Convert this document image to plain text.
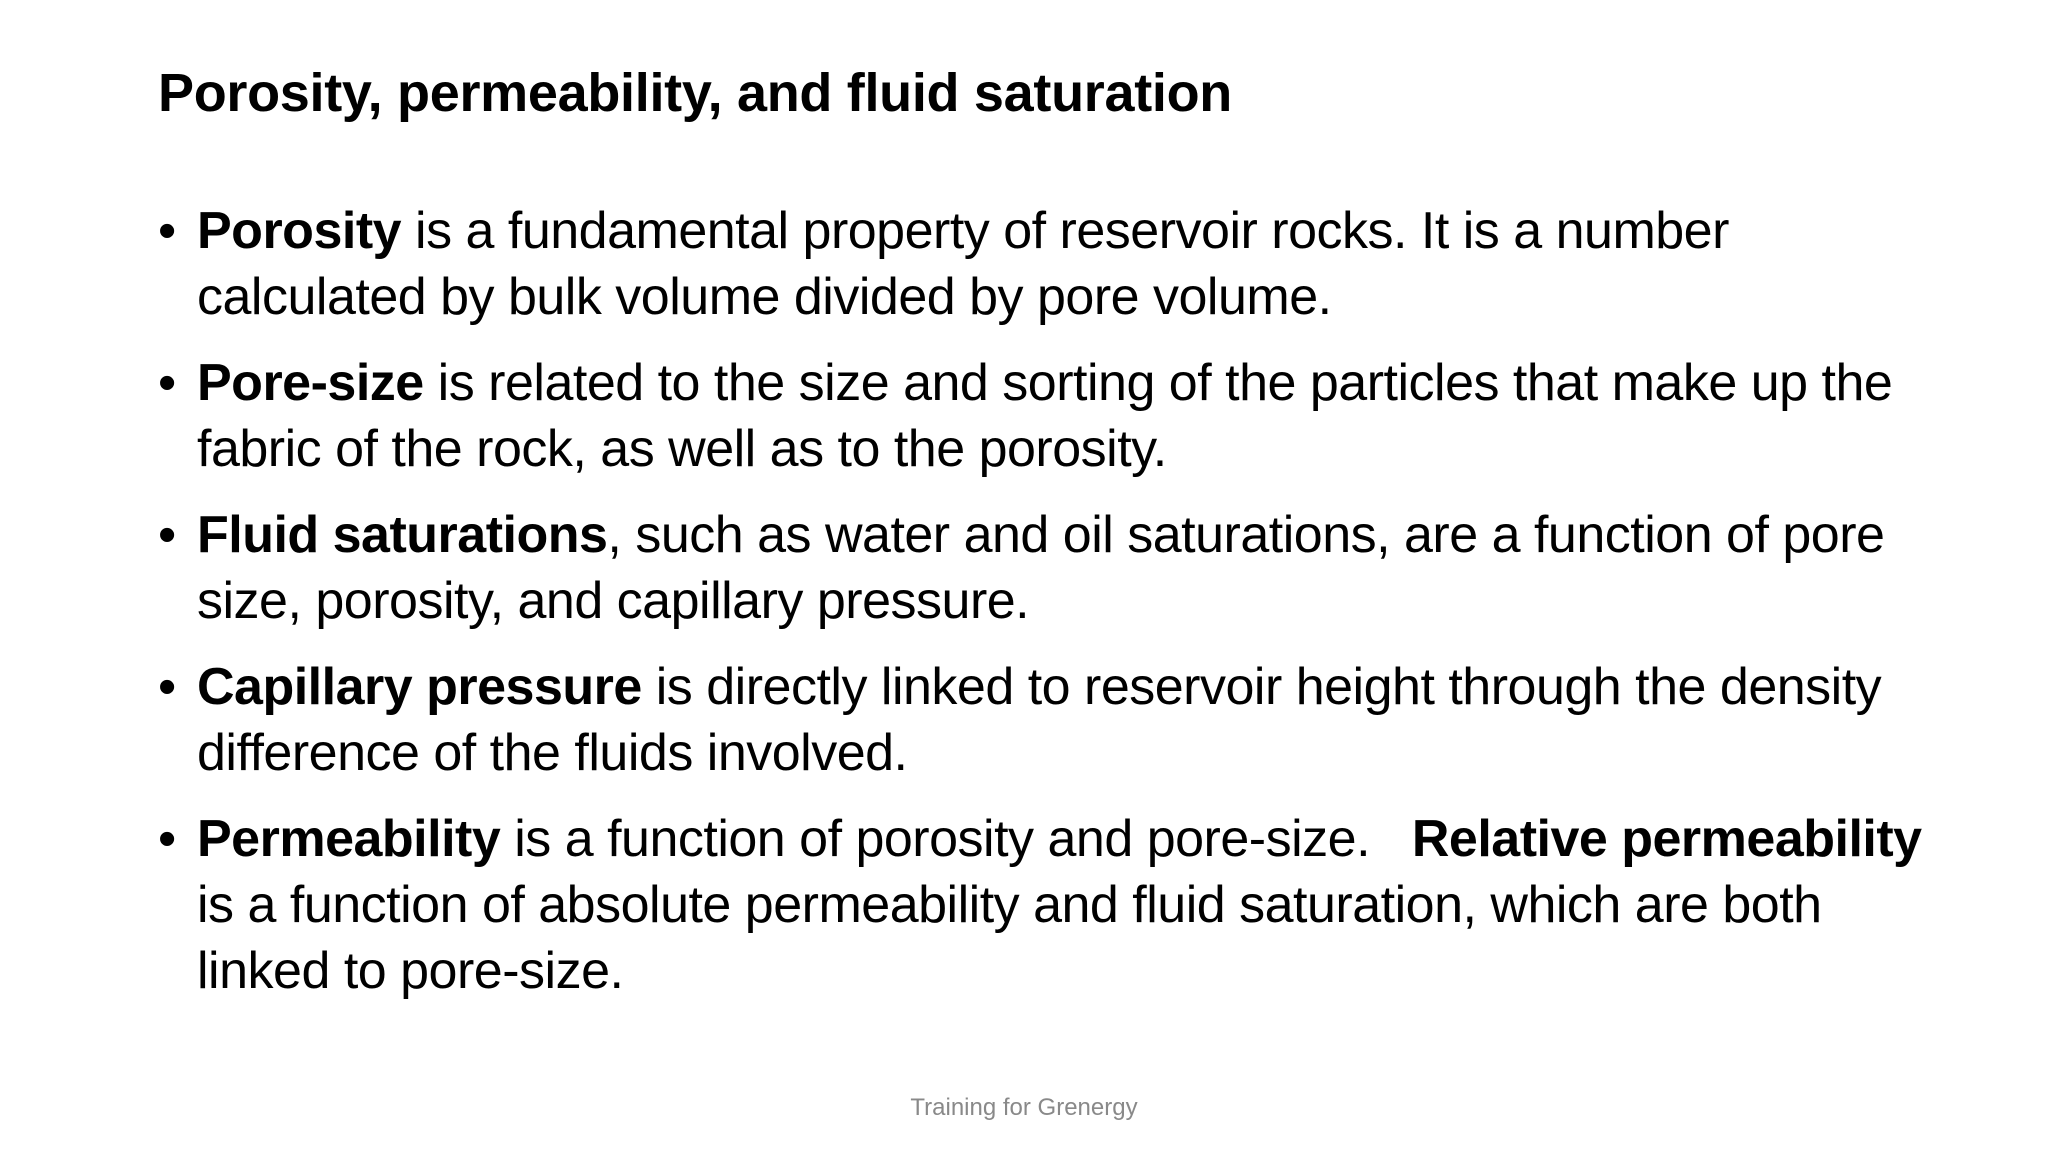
Porosity, permeability, and fluid saturation
• Porosity is a fundamental property of reservoir rocks. It is a number calculated by bulk volume divided by pore volume.
• Pore-size is related to the size and sorting of the particles that make up the fabric of the rock, as well as to the porosity.
• Fluid saturations, such as water and oil saturations, are a function of pore size, porosity, and capillary pressure.
• Capillary pressure is directly linked to reservoir height through the density difference of the fluids involved.
• Permeability is a function of porosity and pore-size.   Relative permeability is a function of absolute permeability and fluid saturation, which are both linked to pore-size.
Training for Grenergy
